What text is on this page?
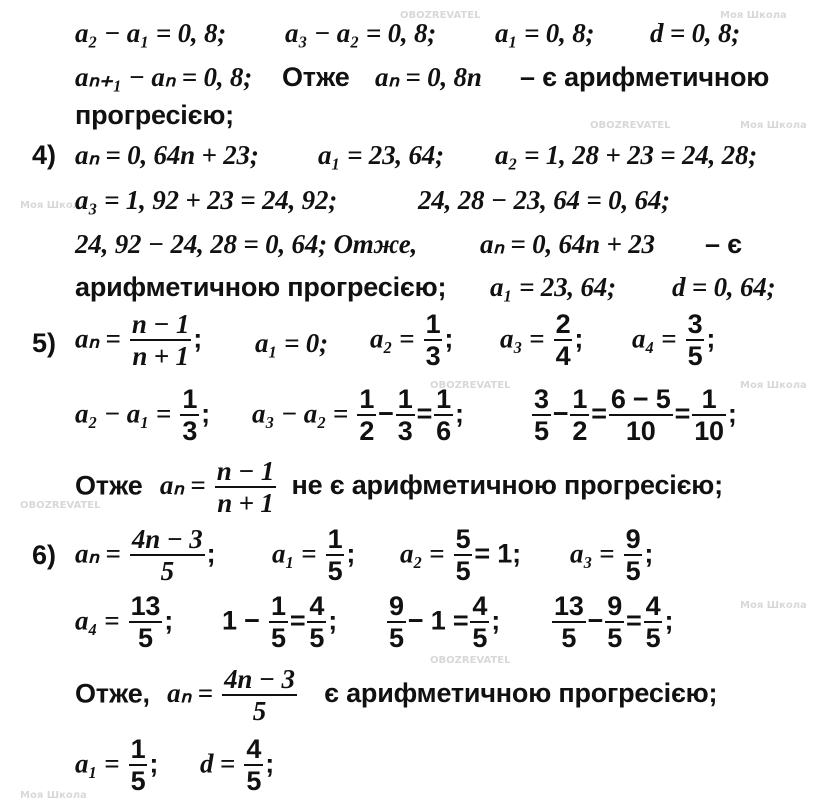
OBOZREVATEL	Моя Школа
OBOZREVATEL	Моя Школа
Моя Школа
OBOZREVATEL	Моя Школа
OBOZREVATEL
Моя Школа
OBOZREVATEL
Моя Школа
a₂ − a₁ = 0, 8; a₃ − a₂ = 0, 8; a₁ = 0, 8; d = 0, 8;
aₙ₊₁ − aₙ = 0, 8; Отже aₙ = 0, 8n – є арифметичною
прогресією;
4) aₙ = 0, 64n + 23; a₁ = 23, 64; a₂ = 1, 28 + 23 = 24, 28;
a₃ = 1, 92 + 23 = 24, 92;	24, 28 − 23, 64 = 0, 64;
24, 92 − 24, 28 = 0, 64; Отже, aₙ = 0, 64n + 23 – є
арифметичною прогресією; a₁ = 23, 64; d = 0, 64;
5) $a_n = \frac{n - 1}{n + 1}$ ; a₁ = 0; $a_2 = \frac{1}{3}$ ; $a_3 = \frac{2}{4}$ ; $a_4 = \frac{3}{5}$ ;
$a_2 - a_1 = \frac{1}{3}$ ; $a_3 - a_2 = \frac{1}{2} - \frac{1}{3} = \frac{1}{6}$ ;	$\frac{3}{5} - \frac{1}{2} = \frac{6 - 5}{10} = \frac{1}{10}$ ;
Отже $a_n = \frac{n - 1}{n + 1}$ не є арифметичною прогресією;
6) $a_n = \frac{4n - 3}{5}$ ; $a_1 = \frac{1}{5}$ ; $a_2 = \frac{5}{5} = 1$; $a_3 = \frac{9}{5}$ ;
$a_4 = \frac{13}{5}$ ; $1 - \frac{1}{5} = \frac{4}{5}$ ; $\frac{9}{5} - 1 = \frac{4}{5}$ ; $\frac{13}{5} - \frac{9}{5} = \frac{4}{5}$ ;
Отже, $a_n = \frac{4n - 3}{5}$ є арифметичною прогресією;
$a_1 = \frac{1}{5}$ ; $d = \frac{4}{5}$ ;
